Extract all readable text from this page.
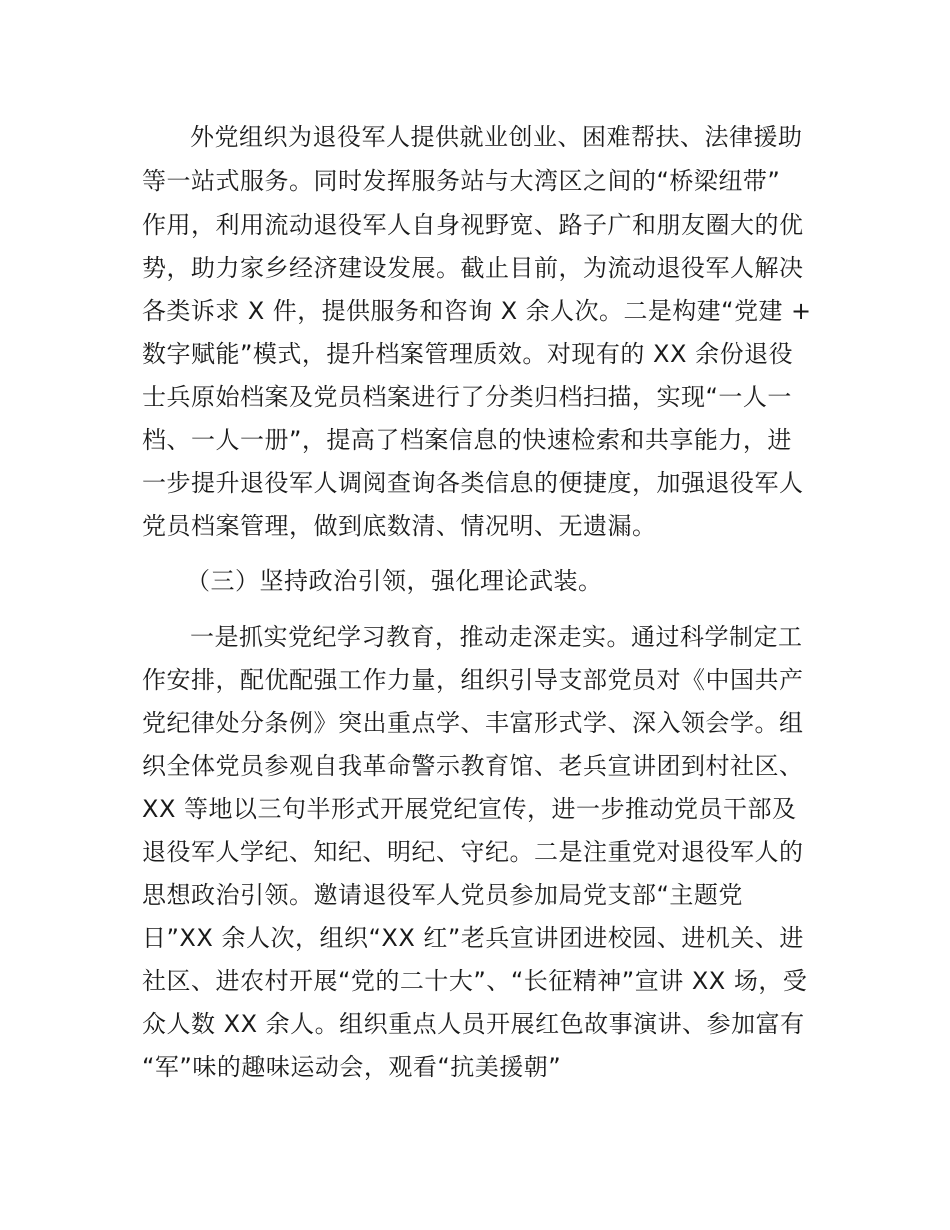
外党组织为退役军人提供就业创业、困难帮扶、法律援助
等一站式服务。同时发挥服务站与大湾区之间的“桥梁纽带”
作用，利用流动退役军人自身视野宽、路子广和朋友圈大的优
势，助力家乡经济建设发展。截止目前，为流动退役军人解决
各类诉求 X 件，提供服务和咨询 X 余人次。二是构建“党建 +
数字赋能”模式，提升档案管理质效。对现有的 XX 余份退役
士兵原始档案及党员档案进行了分类归档扫描，实现“一人一
档、一人一册”，提高了档案信息的快速检索和共享能力，进
一步提升退役军人调阅查询各类信息的便捷度，加强退役军人
党员档案管理，做到底数清、情况明、无遗漏。
（三）坚持政治引领，强化理论武装。
一是抓实党纪学习教育，推动走深走实。通过科学制定工
作安排，配优配强工作力量，组织引导支部党员对《中国共产
党纪律处分条例》突出重点学、丰富形式学、深入领会学。组
织全体党员参观自我革命警示教育馆、老兵宣讲团到村社区、
XX 等地以三句半形式开展党纪宣传，进一步推动党员干部及
退役军人学纪、知纪、明纪、守纪。二是注重党对退役军人的
思想政治引领。邀请退役军人党员参加局党支部“主题党
日”XX 余人次，组织“XX 红”老兵宣讲团进校园、进机关、进
社区、进农村开展“党的二十大”、“长征精神”宣讲 XX 场，受
众人数 XX 余人。组织重点人员开展红色故事演讲、参加富有
“军”味的趣味运动会，观看“抗美援朝”
